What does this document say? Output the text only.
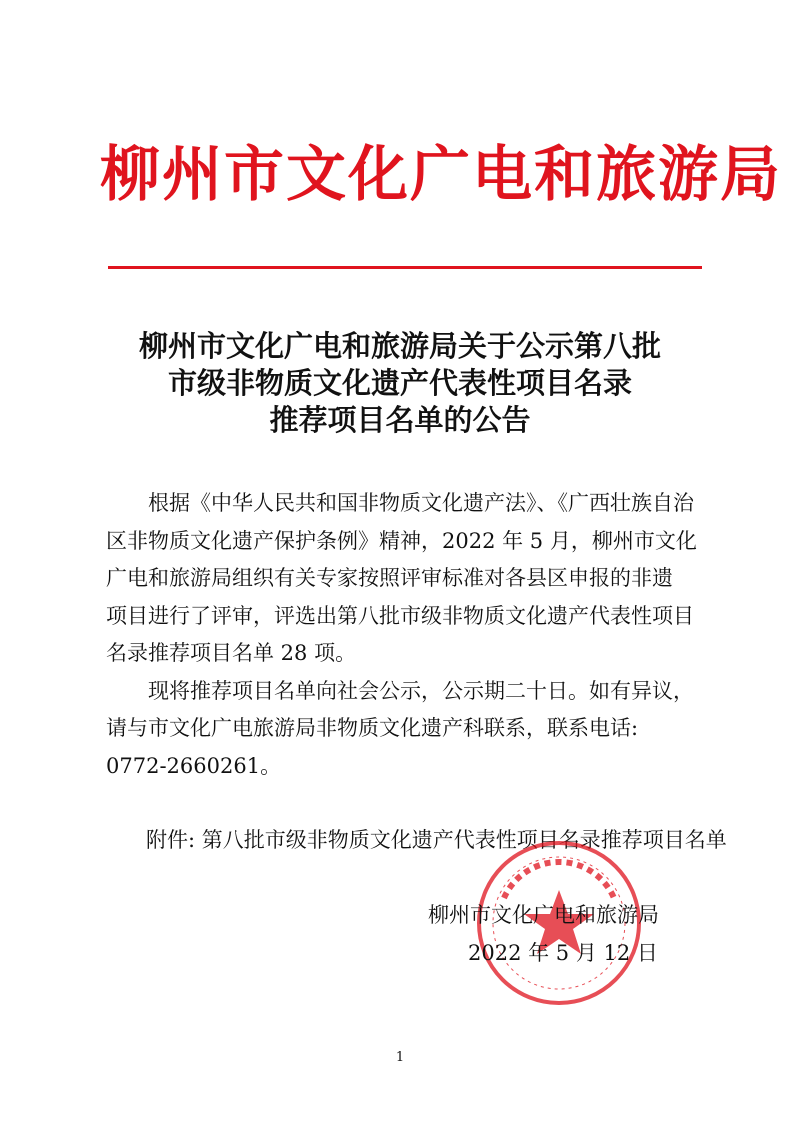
柳州市文化广电和旅游局
柳州市文化广电和旅游局关于公示第八批
市级非物质文化遗产代表性项目名录
推荐项目名单的公告

根据《中华人民共和国非物质文化遗产法》、《广西壮族自治
区非物质文化遗产保护条例》精神，2022 年 5 月，柳州市文化
广电和旅游局组织有关专家按照评审标准对各县区申报的非遗
项目进行了评审，评选出第八批市级非物质文化遗产代表性项目
名录推荐项目名单 28 项。

现将推荐项目名单向社会公示，公示期二十日。如有异议，
请与市文化广电旅游局非物质文化遗产科联系，联系电话:
0772-2660261。

附件: 第八批市级非物质文化遗产代表性项目名录推荐项目名单
柳州市文化广电和旅游局
2022 年 5 月 12 日
1
